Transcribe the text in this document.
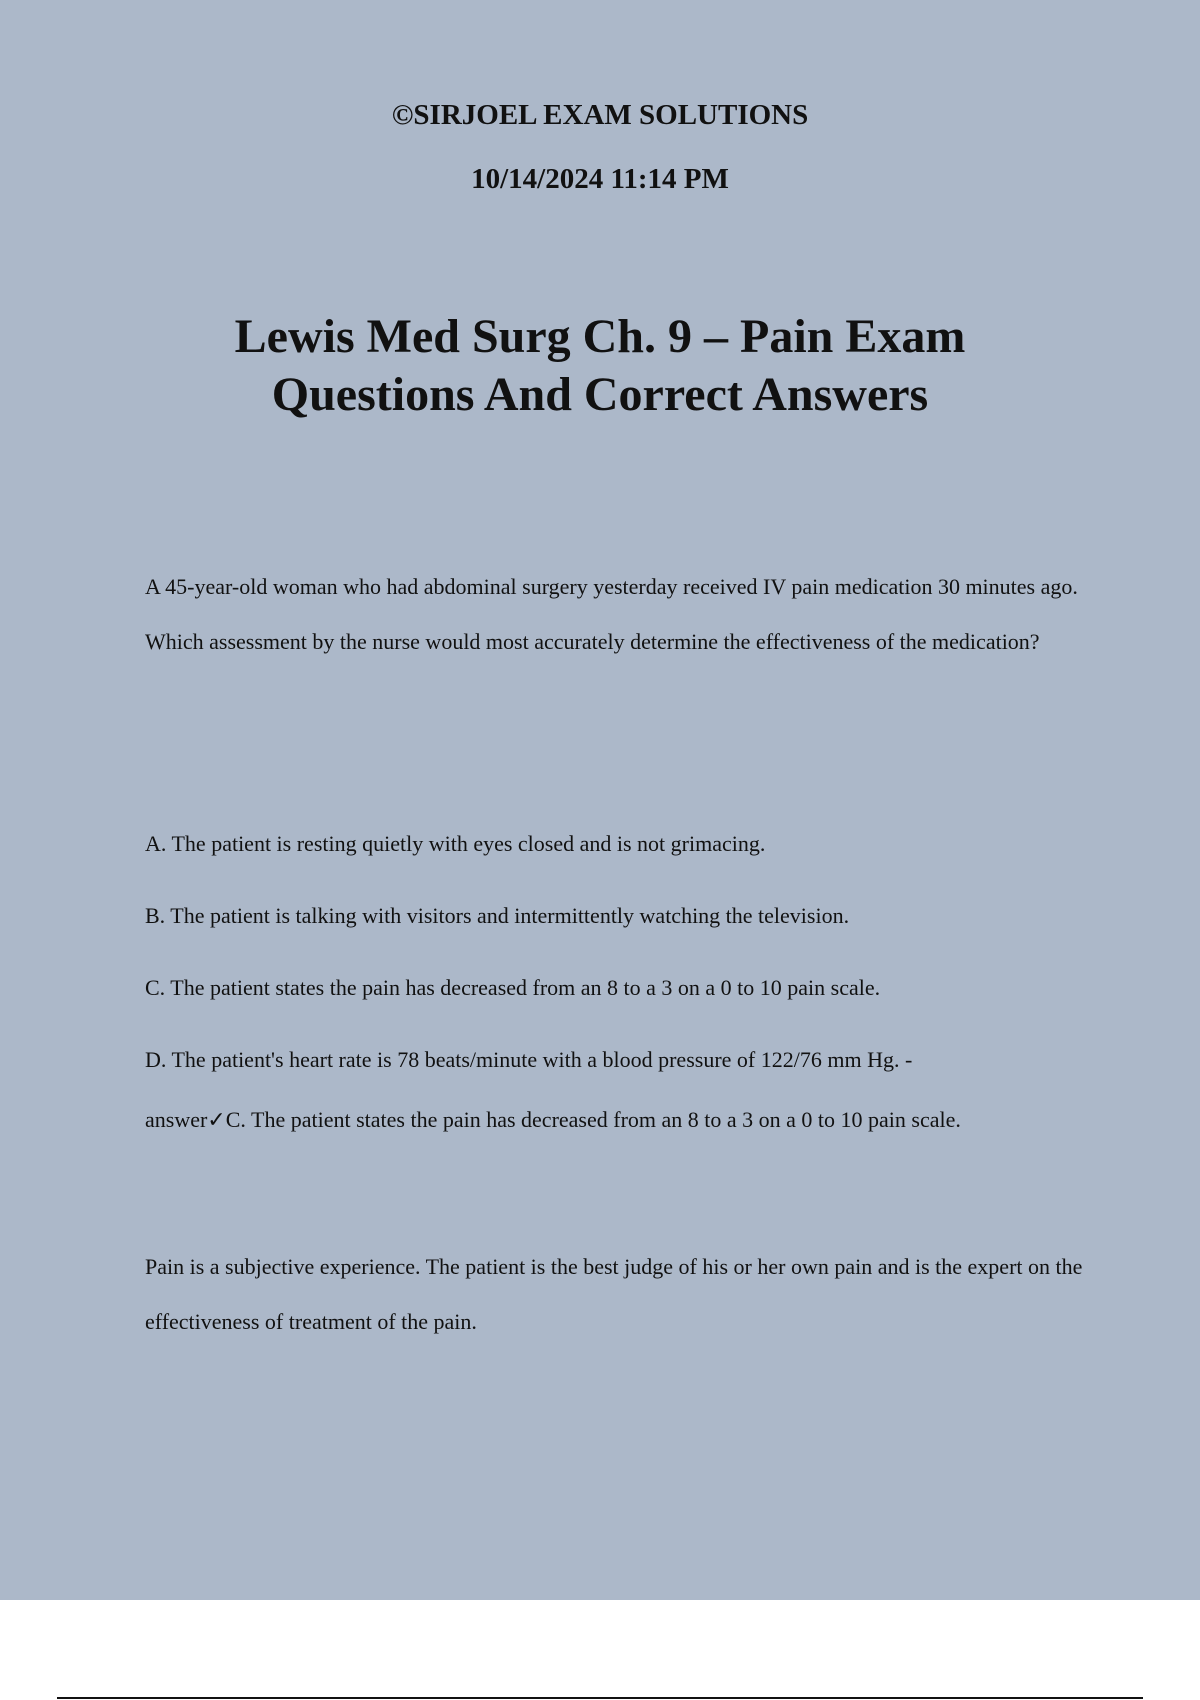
©SIRJOEL EXAM SOLUTIONS
10/14/2024 11:14 PM
Lewis Med Surg Ch. 9 – Pain Exam
Questions And Correct Answers
A 45-year-old woman who had abdominal surgery yesterday received IV pain medication 30 minutes ago. Which assessment by the nurse would most accurately determine the effectiveness of the medication?
A. The patient is resting quietly with eyes closed and is not grimacing.
B. The patient is talking with visitors and intermittently watching the television.
C. The patient states the pain has decreased from an 8 to a 3 on a 0 to 10 pain scale.
D. The patient's heart rate is 78 beats/minute with a blood pressure of 122/76 mm Hg. -
answer✓C. The patient states the pain has decreased from an 8 to a 3 on a 0 to 10 pain scale.
Pain is a subjective experience. The patient is the best judge of his or her own pain and is the expert on the effectiveness of treatment of the pain.
